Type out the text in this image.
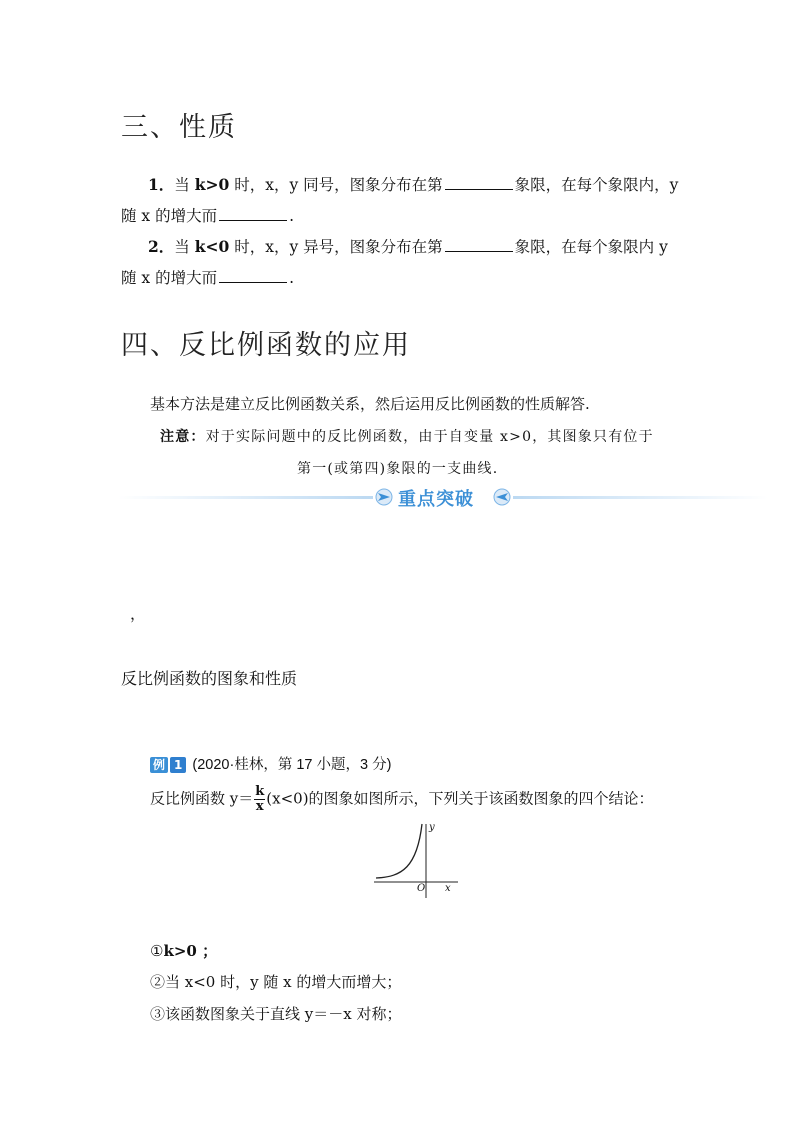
三、性质
1．当 k>0 时，x，y 同号，图象分布在第	象限，在每个象限内，y
随 x 的增大而	.
2．当 k<0 时，x，y 异号，图象分布在第	象限，在每个象限内 y
随 x 的增大而	.
四、反比例函数的应用
基本方法是建立反比例函数关系，然后运用反比例函数的性质解答.
注意：对于实际问题中的反比例函数，由于自变量 x>0，其图象只有位于
第一(或第四)象限的一支曲线.
重点突破
，
反比例函数的图象和性质
例 1 (2020·桂林，第 17 小题，3 分)
反比例函数 $y= \frac{k}{x} (x<0)$的图象如图所示，下列关于该函数图象的四个结论：
y
x
O
①k>0 ；
②当 x<0 时，y 随 x 的增大而增大；
③该函数图象关于直线 y＝－x 对称；
